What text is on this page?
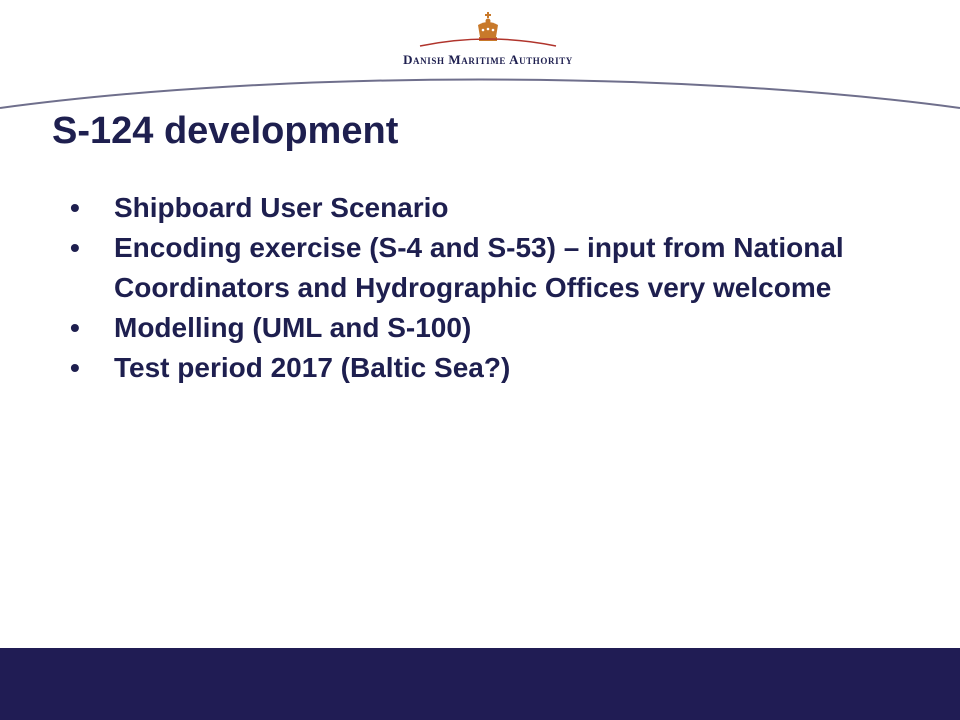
Danish Maritime Authority
S-124 development
• Shipboard User Scenario
• Encoding exercise (S-4 and S-53) – input from National Coordinators and Hydrographic Offices very welcome
• Modelling (UML and S-100)
• Test period 2017 (Baltic Sea?)
